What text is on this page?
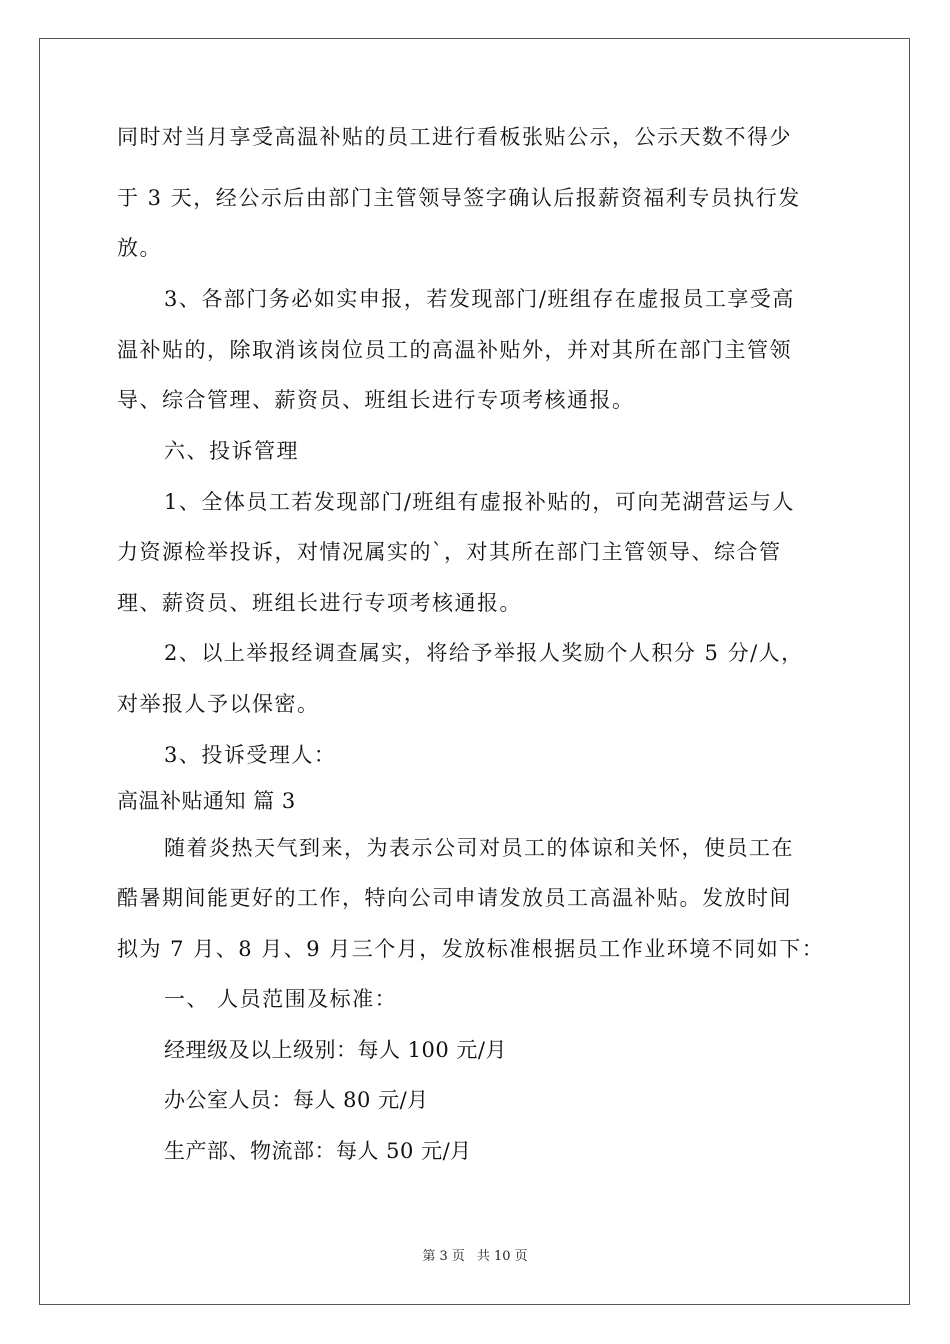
同时对当月享受高温补贴的员工进行看板张贴公示，公示天数不得少
于 3 天，经公示后由部门主管领导签字确认后报薪资福利专员执行发
放。
3、各部门务必如实申报，若发现部门/班组存在虚报员工享受高
温补贴的，除取消该岗位员工的高温补贴外，并对其所在部门主管领
导、综合管理、薪资员、班组长进行专项考核通报。
六、投诉管理
1、全体员工若发现部门/班组有虚报补贴的，可向芜湖营运与人
力资源检举投诉，对情况属实的`，对其所在部门主管领导、综合管
理、薪资员、班组长进行专项考核通报。
2、以上举报经调查属实，将给予举报人奖励个人积分 5 分/人，
对举报人予以保密。
3、投诉受理人：
高温补贴通知 篇 3
随着炎热天气到来，为表示公司对员工的体谅和关怀，使员工在
酷暑期间能更好的工作，特向公司申请发放员工高温补贴。发放时间
拟为 7 月、8 月、9 月三个月，发放标准根据员工作业环境不同如下：
一、 人员范围及标准：
经理级及以上级别：每人 100 元/月
办公室人员：每人 80 元/月
生产部、物流部：每人 50 元/月
第 3 页 共 10 页
